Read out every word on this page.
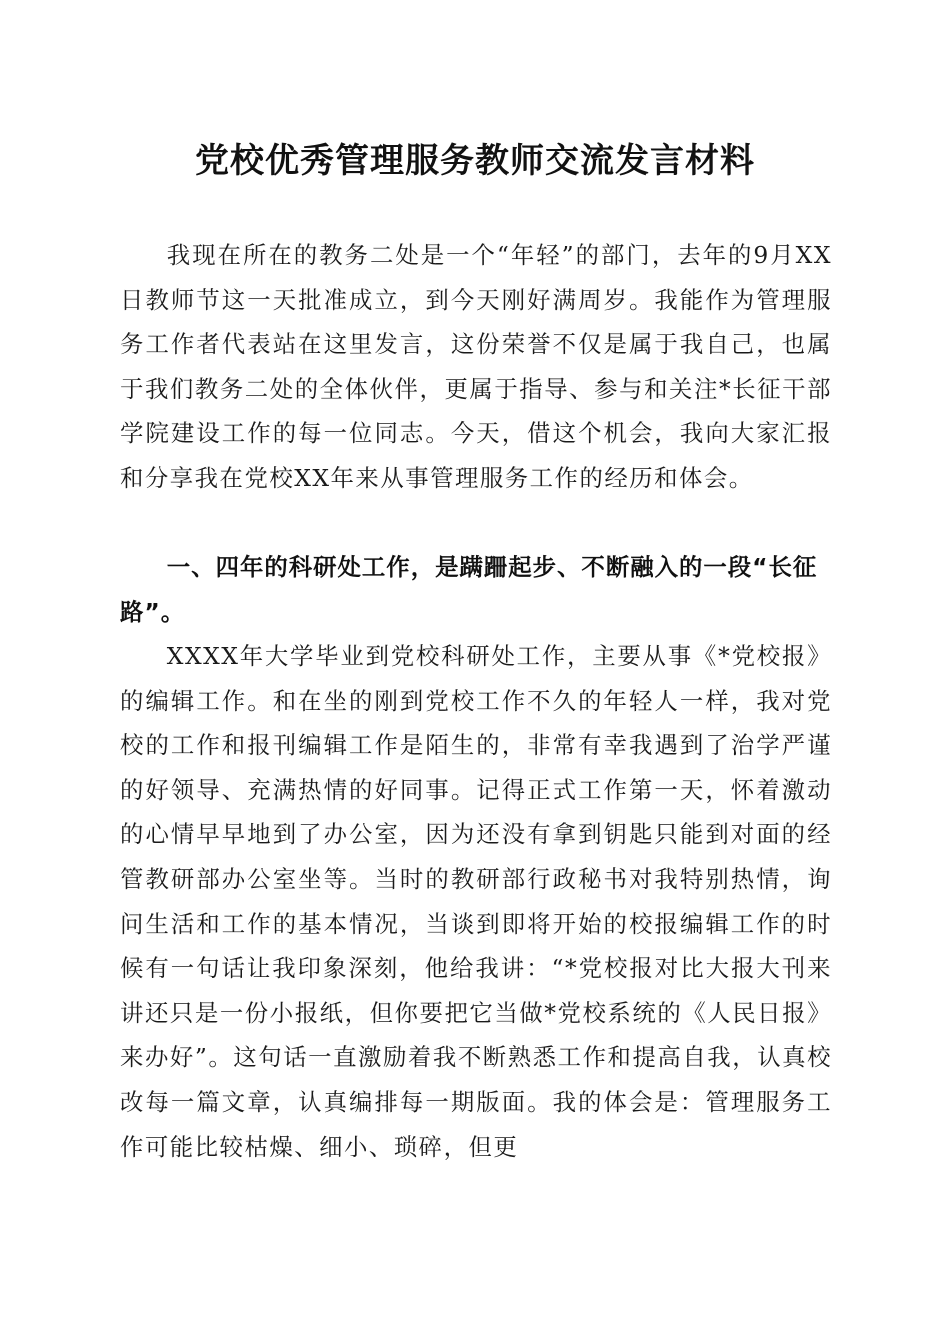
党校优秀管理服务教师交流发言材料

我现在所在的教务二处是一个“年轻”的部门，去年的9月XX日教师节这一天批准成立，到今天刚好满周岁。我能作为管理服务工作者代表站在这里发言，这份荣誉不仅是属于我自己，也属于我们教务二处的全体伙伴，更属于指导、参与和关注*长征干部学院建设工作的每一位同志。今天，借这个机会，我向大家汇报和分享我在党校XX年来从事管理服务工作的经历和体会。

一、四年的科研处工作，是蹒跚起步、不断融入的一段“长征路”。

XXXX年大学毕业到党校科研处工作，主要从事《*党校报》的编辑工作。和在坐的刚到党校工作不久的年轻人一样，我对党校的工作和报刊编辑工作是陌生的，非常有幸我遇到了治学严谨的好领导、充满热情的好同事。记得正式工作第一天，怀着激动的心情早早地到了办公室，因为还没有拿到钥匙只能到对面的经管教研部办公室坐等。当时的教研部行政秘书对我特别热情，询问生活和工作的基本情况，当谈到即将开始的校报编辑工作的时候有一句话让我印象深刻，他给我讲：“*党校报对比大报大刊来讲还只是一份小报纸，但你要把它当做*党校系统的《人民日报》来办好”。这句话一直激励着我不断熟悉工作和提高自我，认真校改每一篇文章，认真编排每一期版面。我的体会是：管理服务工作可能比较枯燥、细小、琐碎，但更
